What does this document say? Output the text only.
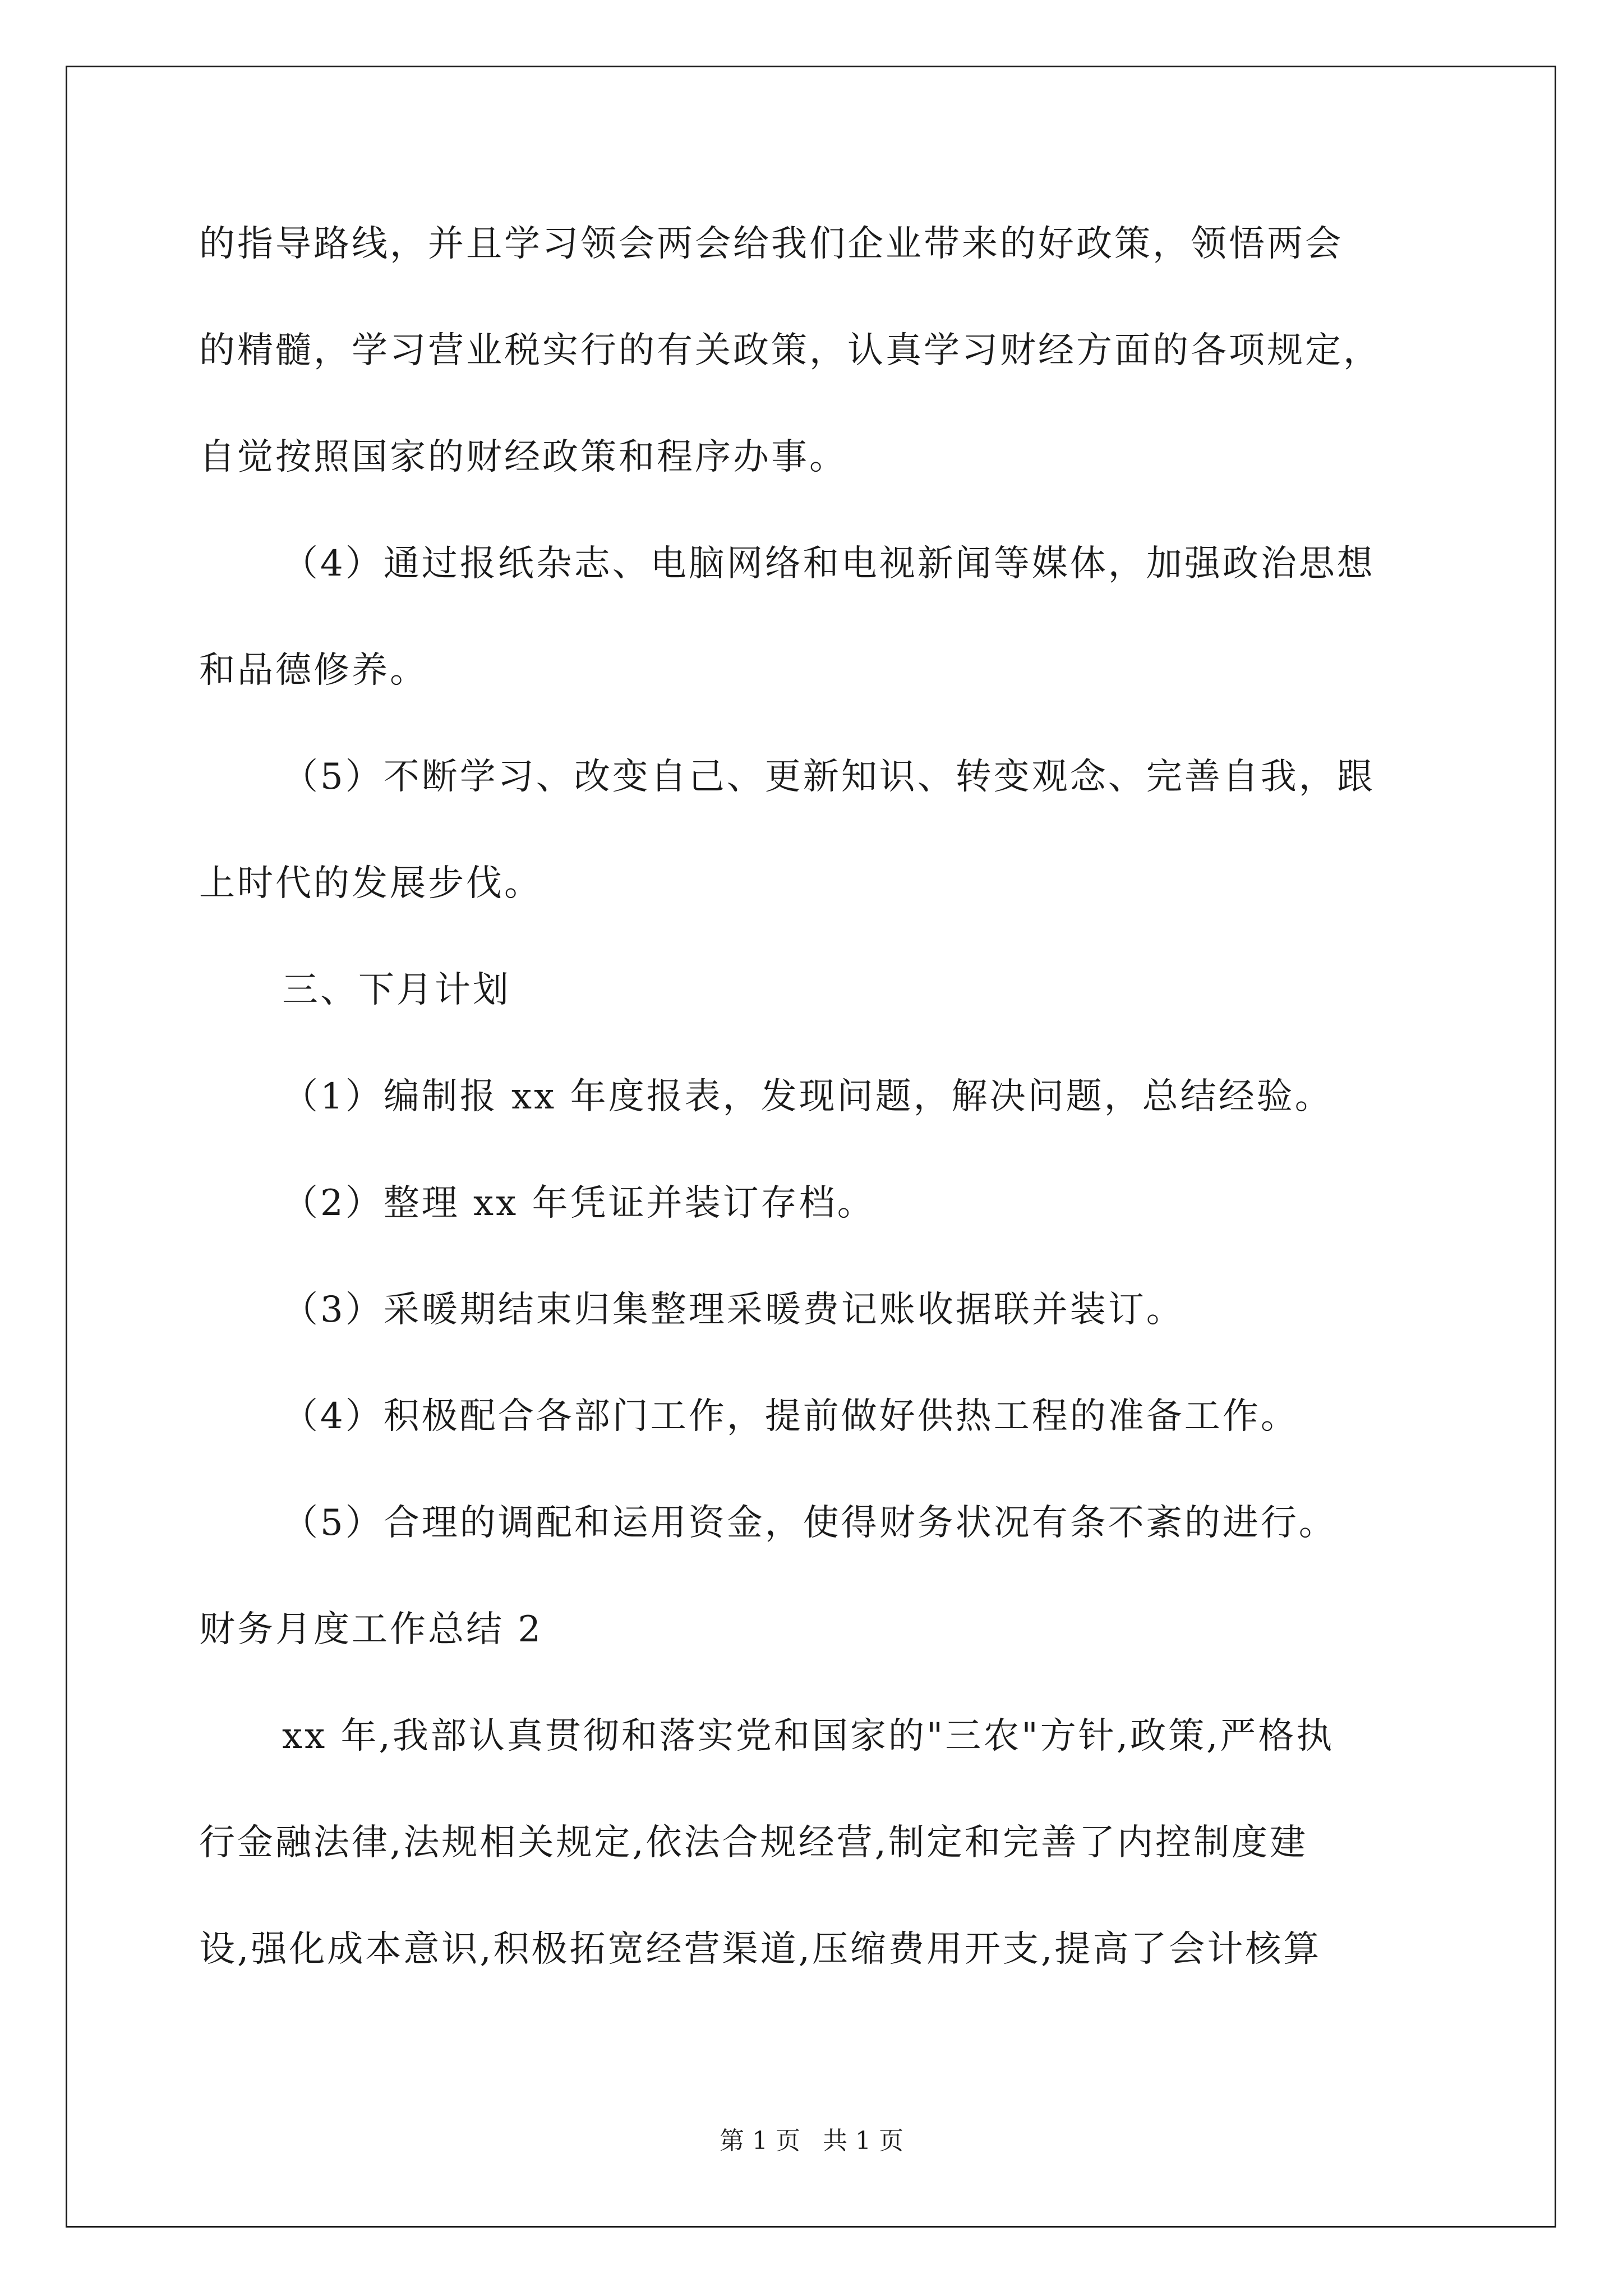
的指导路线，并且学习领会两会给我们企业带来的好政策，领悟两会
的精髓，学习营业税实行的有关政策，认真学习财经方面的各项规定，
自觉按照国家的财经政策和程序办事。
（4）通过报纸杂志、电脑网络和电视新闻等媒体，加强政治思想
和品德修养。
（5）不断学习、改变自己、更新知识、转变观念、完善自我，跟
上时代的发展步伐。
三、下月计划
（1）编制报 xx 年度报表，发现问题，解决问题，总结经验。
（2）整理 xx 年凭证并装订存档。
（3）采暖期结束归集整理采暖费记账收据联并装订。
（4）积极配合各部门工作，提前做好供热工程的准备工作。
（5）合理的调配和运用资金，使得财务状况有条不紊的进行。
财务月度工作总结 2
xx 年,我部认真贯彻和落实党和国家的"三农"方针,政策,严格执
行金融法律,法规相关规定,依法合规经营,制定和完善了内控制度建
设,强化成本意识,积极拓宽经营渠道,压缩费用开支,提高了会计核算
第 1 页 共 1 页
